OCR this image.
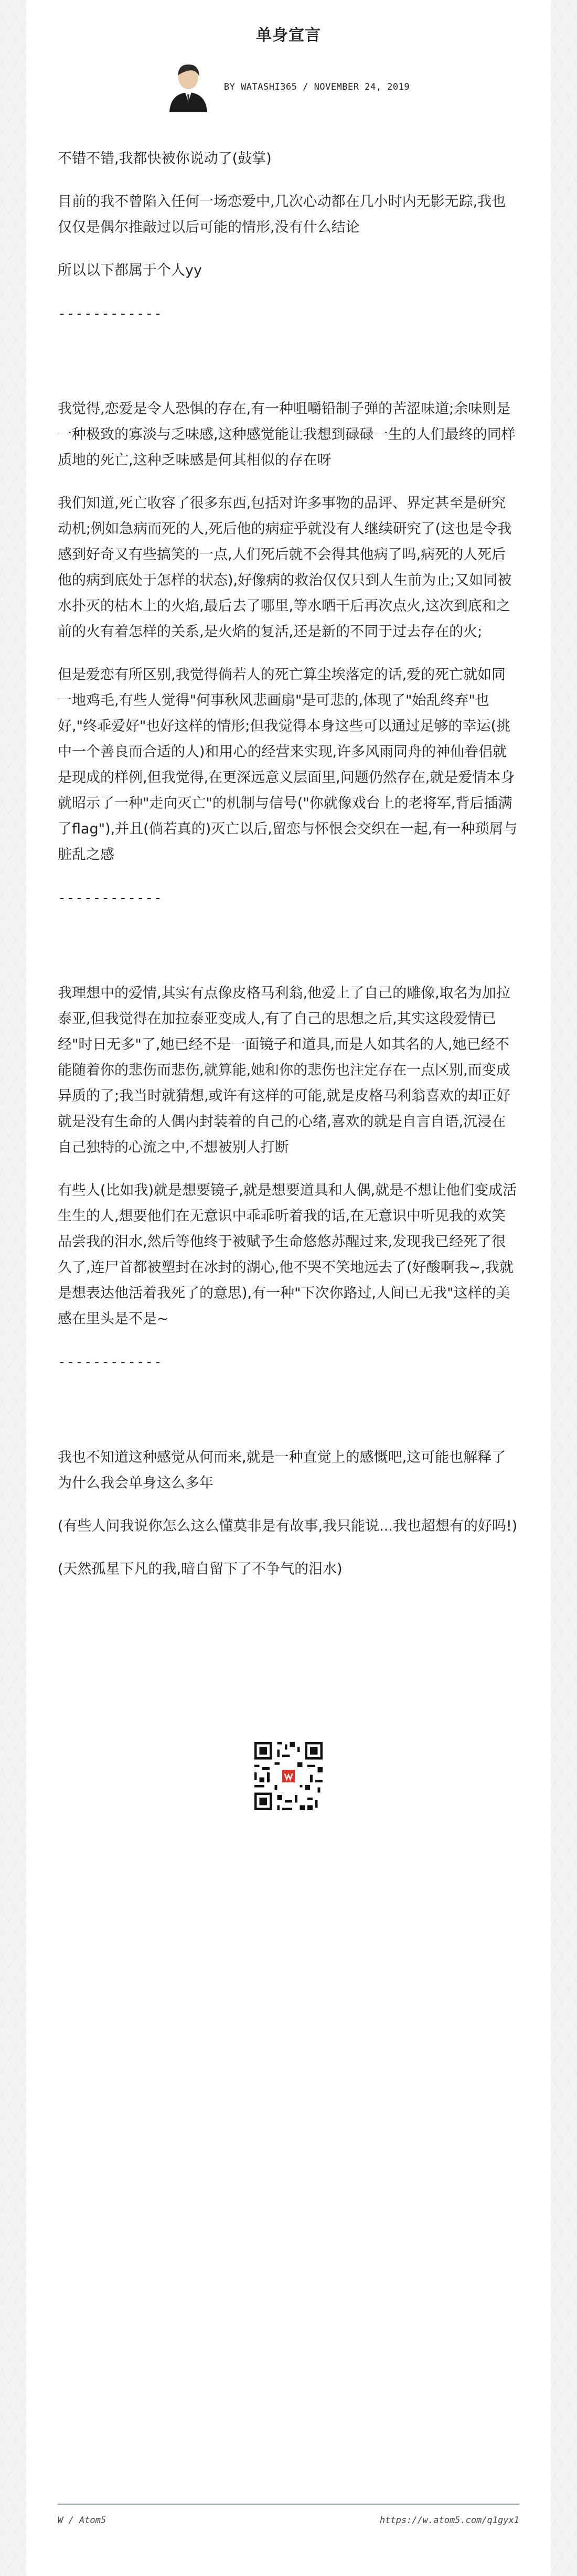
单身宣言
BY WATASHI365 / NOVEMBER 24, 2019

不错不错,我都快被你说动了(鼓掌)

目前的我不曾陷入任何一场恋爱中,几次心动都在几小时内无影无踪,我也仅仅是偶尔推敲过以后可能的情形,没有什么结论

所以以下都属于个人yy

------------

我觉得,恋爱是令人恐惧的存在,有一种咀嚼铅制子弹的苦涩味道;余味则是一种极致的寡淡与乏味感,这种感觉能让我想到碌碌一生的人们最终的同样质地的死亡,这种乏味感是何其相似的存在呀

我们知道,死亡收容了很多东西,包括对许多事物的品评、界定甚至是研究动机;例如急病而死的人,死后他的病症乎就没有人继续研究了(这也是令我感到好奇又有些搞笑的一点,人们死后就不会得其他病了吗,病死的人死后他的病到底处于怎样的状态),好像病的救治仅仅只到人生前为止;又如同被水扑灭的枯木上的火焰,最后去了哪里,等水晒干后再次点火,这次到底和之前的火有着怎样的关系,是火焰的复活,还是新的不同于过去存在的火;

但是爱恋有所区别,我觉得倘若人的死亡算尘埃落定的话,爱的死亡就如同一地鸡毛,有些人觉得"何事秋风悲画扇"是可悲的,体现了"始乱终弃"也好,"终乖爱好"也好这样的情形;但我觉得本身这些可以通过足够的幸运(挑中一个善良而合适的人)和用心的经营来实现,许多风雨同舟的神仙眷侣就是现成的样例,但我觉得,在更深远意义层面里,问题仍然存在,就是爱情本身就昭示了一种"走向灭亡"的机制与信号("你就像戏台上的老将军,背后插满了flag"),并且(倘若真的)灭亡以后,留恋与怀恨会交织在一起,有一种琐屑与脏乱之感

------------

我理想中的爱情,其实有点像皮格马利翁,他爱上了自己的雕像,取名为加拉泰亚,但我觉得在加拉泰亚变成人,有了自己的思想之后,其实这段爱情已经"时日无多"了,她已经不是一面镜子和道具,而是人如其名的人,她已经不能随着你的悲伤而悲伤,就算能,她和你的悲伤也注定存在一点区别,而变成异质的了;我当时就猜想,或许有这样的可能,就是皮格马利翁喜欢的却正好就是没有生命的人偶内封装着的自己的心绪,喜欢的就是自言自语,沉浸在自己独特的心流之中,不想被别人打断

有些人(比如我)就是想要镜子,就是想要道具和人偶,就是不想让他们变成活生生的人,想要他们在无意识中乖乖听着我的话,在无意识中听见我的欢笑品尝我的泪水,然后等他终于被赋予生命悠悠苏醒过来,发现我已经死了很久了,连尸首都被塑封在冰封的湖心,他不哭不笑地远去了(好酸啊我~,我就是想表达他活着我死了的意思),有一种"下次你路过,人间已无我"这样的美感在里头是不是~

------------

我也不知道这种感觉从何而来,就是一种直觉上的感慨吧,这可能也解释了为什么我会单身这么多年

(有些人问我说你怎么这么懂莫非是有故事,我只能说...我也超想有的好吗!)

(天然孤星下凡的我,暗自留下了不争气的泪水)

W / Atom5	https://w.atom5.com/q1gyx1
